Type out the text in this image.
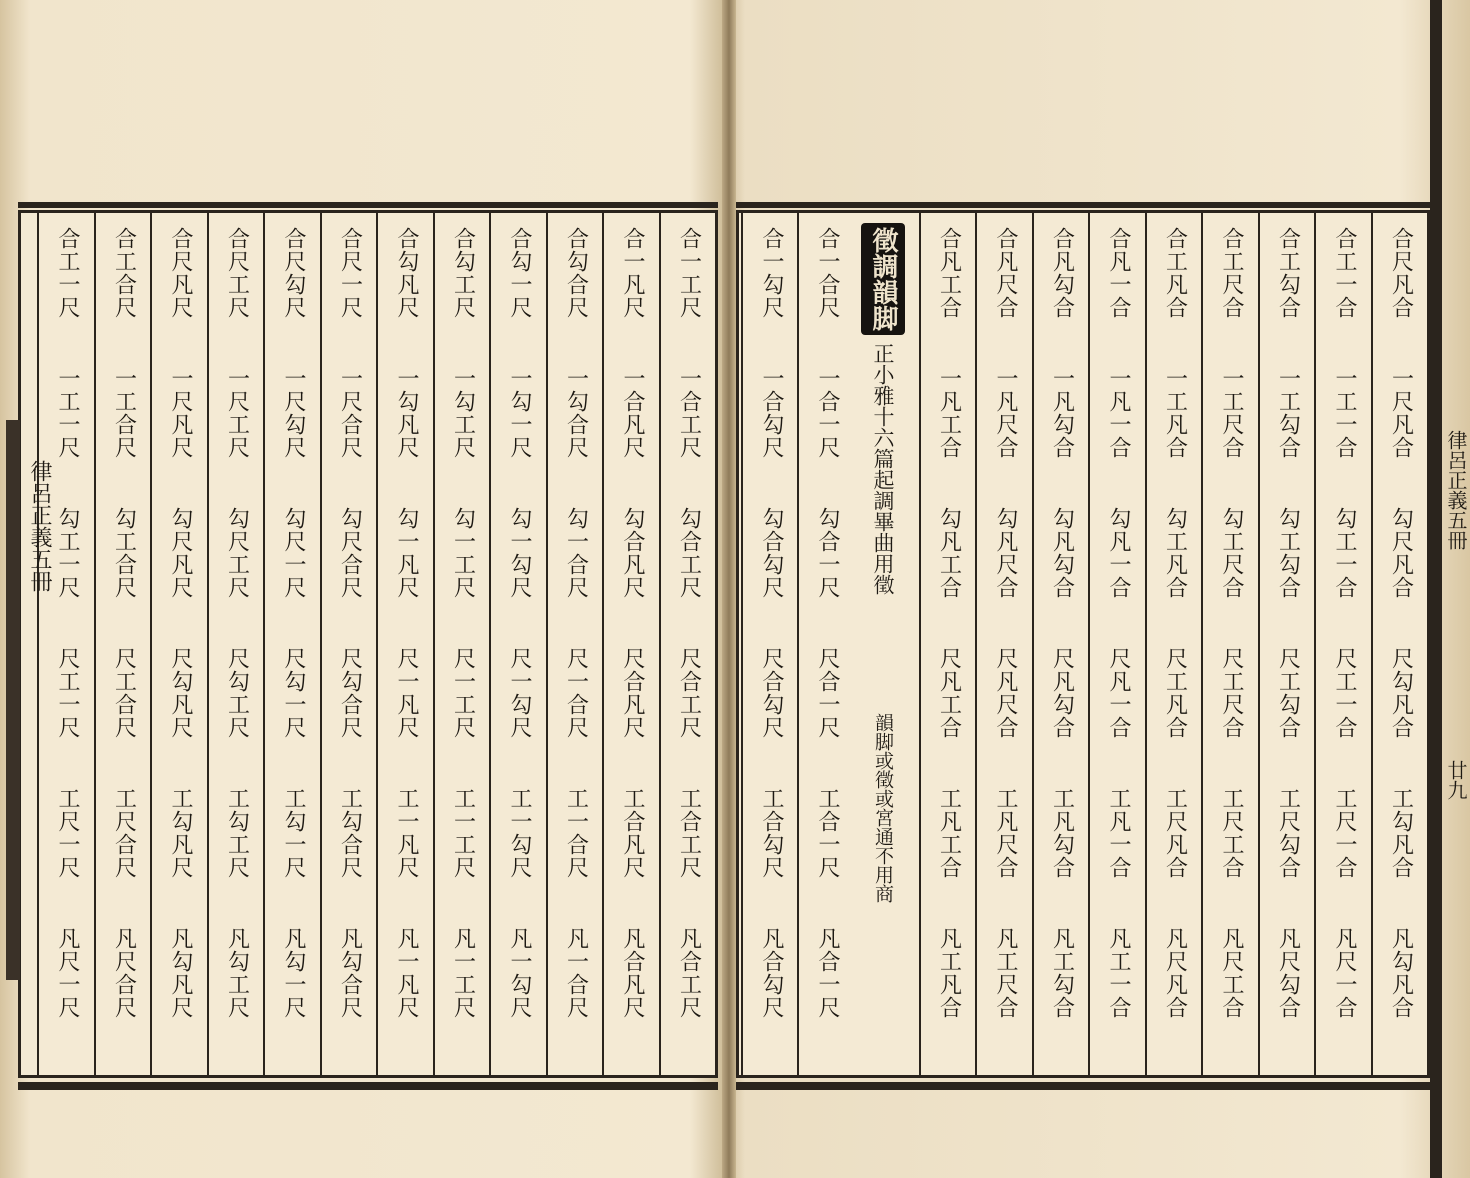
合一工尺
一合工尺
勾合工尺
尺合工尺
工合工尺
凡合工尺
合一凡尺
一合凡尺
勾合凡尺
尺合凡尺
工合凡尺
凡合凡尺
合勾合尺
一勾合尺
勾一合尺
尺一合尺
工一合尺
凡一合尺
合勾一尺
一勾一尺
勾一勾尺
尺一勾尺
工一勾尺
凡一勾尺
合勾工尺
一勾工尺
勾一工尺
尺一工尺
工一工尺
凡一工尺
合勾凡尺
一勾凡尺
勾一凡尺
尺一凡尺
工一凡尺
凡一凡尺
合尺一尺
一尺合尺
勾尺合尺
尺勾合尺
工勾合尺
凡勾合尺
合尺勾尺
一尺勾尺
勾尺一尺
尺勾一尺
工勾一尺
凡勾一尺
合尺工尺
一尺工尺
勾尺工尺
尺勾工尺
工勾工尺
凡勾工尺
合尺凡尺
一尺凡尺
勾尺凡尺
尺勾凡尺
工勾凡尺
凡勾凡尺
合工合尺
一工合尺
勾工合尺
尺工合尺
工尺合尺
凡尺合尺
合工一尺
一工一尺
勾工一尺
尺工一尺
工尺一尺
凡尺一尺
律呂正義五冊
合尺凡合
一尺凡合
勾尺凡合
尺勾凡合
工勾凡合
凡勾凡合
合工一合
一工一合
勾工一合
尺工一合
工尺一合
凡尺一合
合工勾合
一工勾合
勾工勾合
尺工勾合
工尺勾合
凡尺勾合
合工尺合
一工尺合
勾工尺合
尺工尺合
工尺工合
凡尺工合
合工凡合
一工凡合
勾工凡合
尺工凡合
工尺凡合
凡尺凡合
合凡一合
一凡一合
勾凡一合
尺凡一合
工凡一合
凡工一合
合凡勾合
一凡勾合
勾凡勾合
尺凡勾合
工凡勾合
凡工勾合
合凡尺合
一凡尺合
勾凡尺合
尺凡尺合
工凡尺合
凡工尺合
合凡工合
一凡工合
勾凡工合
尺凡工合
工凡工合
凡工凡合
合一合尺
一合一尺
勾合一尺
尺合一尺
工合一尺
凡合一尺
合一勾尺
一合勾尺
勾合勾尺
尺合勾尺
工合勾尺
凡合勾尺
徵調韻脚
正小雅十六篇起調畢曲用徵
韻脚或徵或宮通不用商
律呂正義五冊
廿九
